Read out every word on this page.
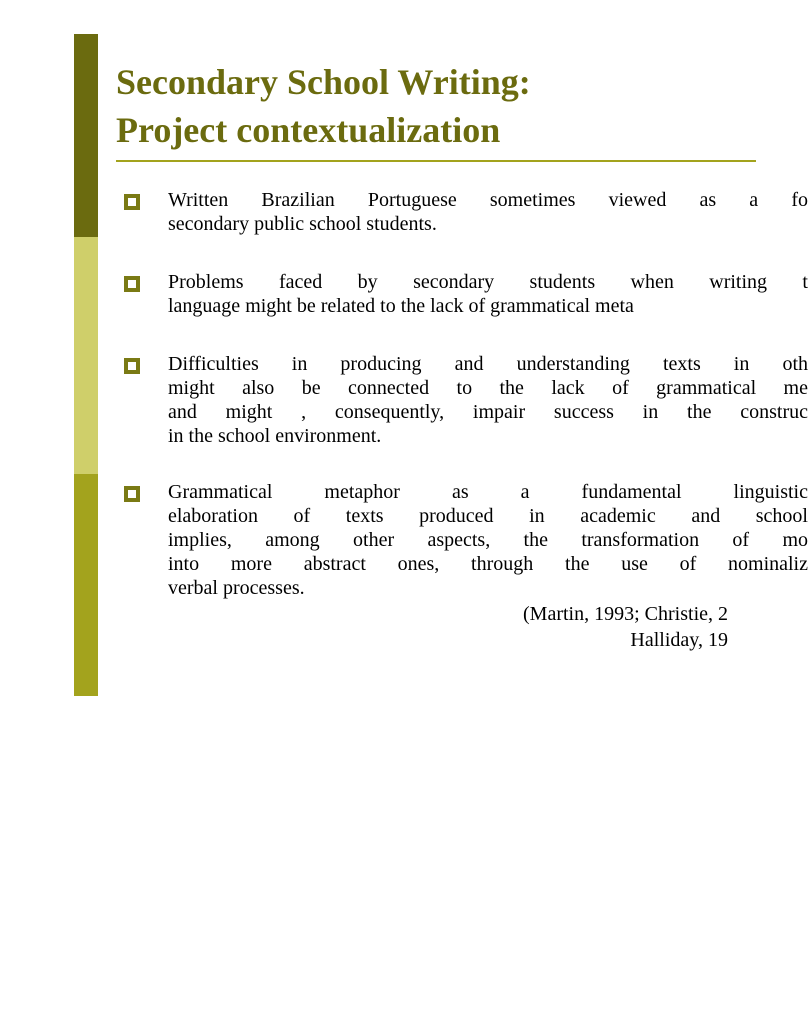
Secondary School Writing:
Project contextualization

Written Brazilian Portuguese sometimes viewed as a fo
secondary public school students.

Problems faced by secondary students when writing t
language might be related to the lack of grammatical meta

Difficulties in producing and understanding texts in oth
might also be connected to the lack of grammatical me
and might , consequently, impair success in the construc
in the school environment.

Grammatical metaphor as a fundamental linguistic
elaboration of texts produced in academic and school
implies, among other aspects, the transformation of mo
into more abstract ones, through the use of nominaliz
verbal processes.

(Martin, 1993; Christie, 2
Halliday, 19
